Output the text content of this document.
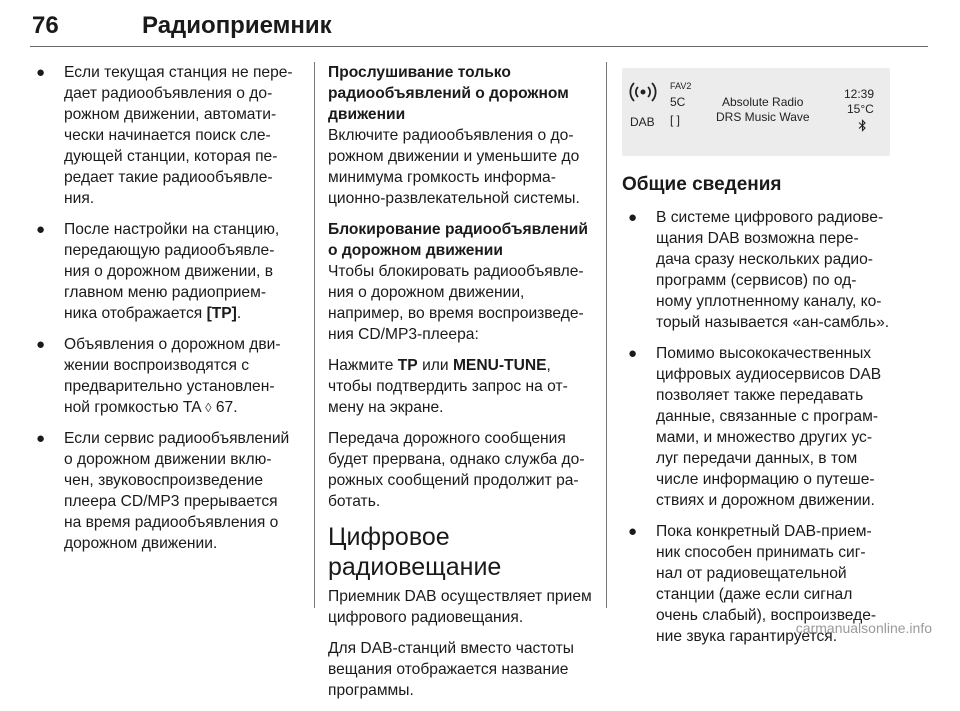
76	Радиоприемник
● Если текущая станция не пере-дает радиообъявления о до-рожном движении, автомати-чески начинается поиск сле-дующей станции, которая пе-редает такие радиообъявле-ния.
● После настройки на станцию, передающую радиообъявле-ния о дорожном движении, в главном меню радиоприем-ника отображается [TP].
● Объявления о дорожном дви-жении воспроизводятся с предварительно установлен-ной громкостью TA ◊ 67.
● Если сервис радиообъявлений о дорожном движении вклю-чен, звуковоспроизведение плеера CD/MP3 прерывается на время радиообъявления о дорожном движении.

Прослушивание только радиообъявлений о дорожном движении

Включите радиообъявления о до-рожном движении и уменьшите до минимума громкость информа-ционно-развлекательной системы.

Блокирование радиообъявлений о дорожном движении

Чтобы блокировать радиообъявле-ния о дорожном движении, например, во время воспроизведе-ния CD/MP3-плеера:

Нажмите TP или MENU-TUNE, чтобы подтвердить запрос на от-мену на экране.

Передача дорожного сообщения будет прервана, однако служба до-рожных сообщений продолжит ра-ботать.

Цифровое радиовещание

Приемник DAB осуществляет прием цифрового радиовещания.

Для DAB-станций вместо частоты вещания отображается название программы.

DAB
FAV2
5C
[ ]
Absolute Radio
DRS Music Wave
12:39
15°C
Общие сведения
● В системе цифрового радиове-щания DAB возможна пере-дача сразу нескольких радио-программ (сервисов) по од-ному уплотненному каналу, ко-торый называется «ан-самбль».
● Помимо высококачественных цифровых аудиосервисов DAB позволяет также передавать данные, связанные с програм-мами, и множество других ус-луг передачи данных, в том числе информацию о путеше-ствиях и дорожном движении.
● Пока конкретный DAB-прием-ник способен принимать сиг-нал от радиовещательной станции (даже если сигнал очень слабый), воспроизведе-ние звука гарантируется.
carmanualsonline.info
